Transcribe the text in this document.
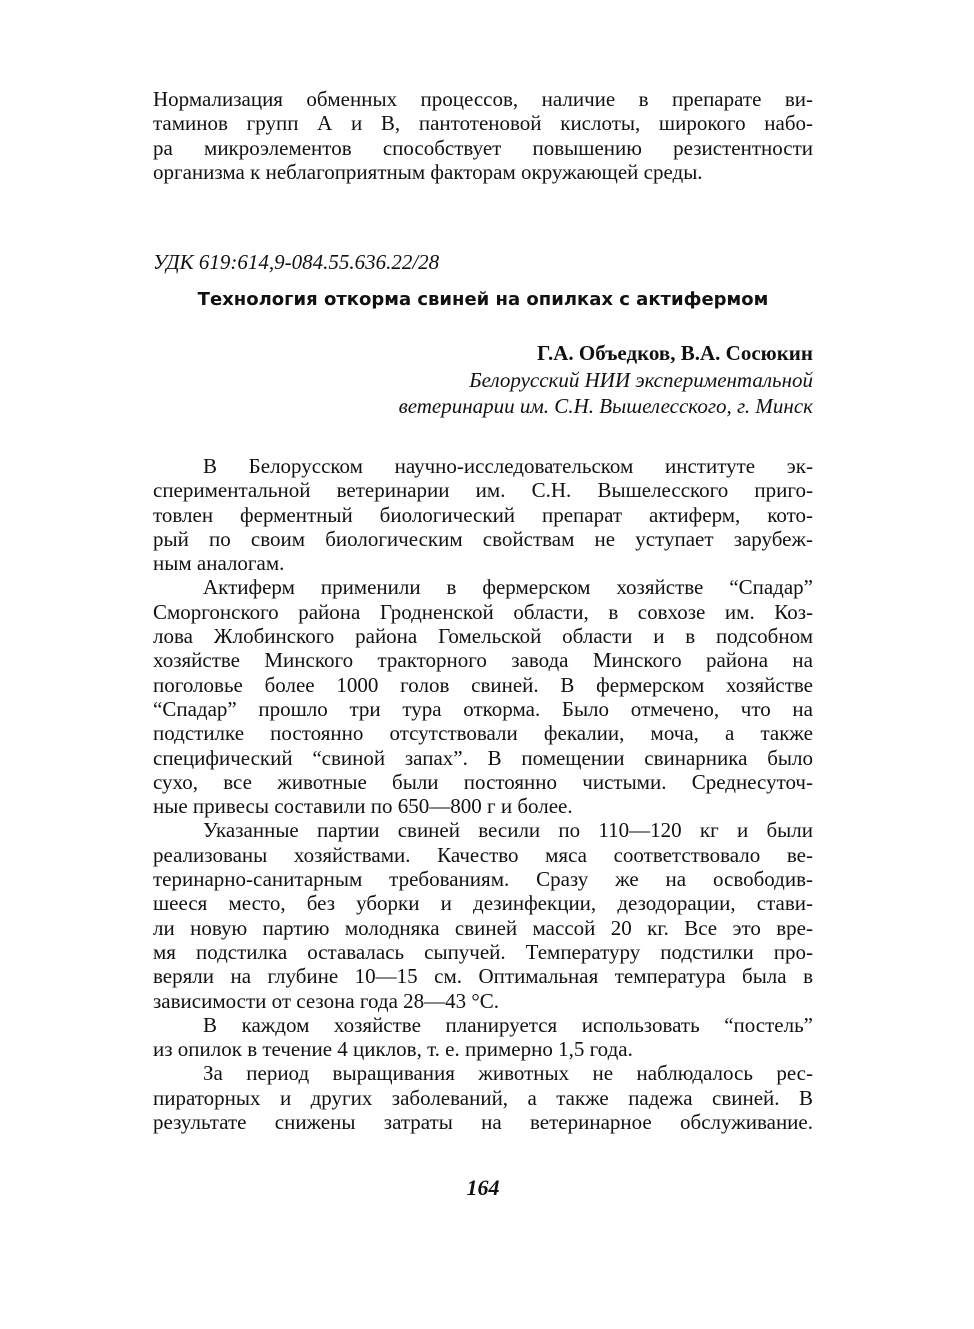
Нормализация обменных процессов, наличие в препарате ви-
таминов групп А и В, пантотеновой кислоты, широкого набо-
ра микроэлементов способствует повышению резистентности
организма к неблагоприятным факторам окружающей среды.
УДК 619:614,9-084.55.636.22/28
Технология откорма свиней на опилках с актифермом
Г.А. Объедков, В.А. Сосюкин
Белорусский НИИ экспериментальной
ветеринарии им. С.Н. Вышелесского, г. Минск
В Белорусском научно-исследовательском институте эк-
спериментальной ветеринарии им. С.Н. Вышелесского приго-
товлен ферментный биологический препарат актиферм, кото-
рый по своим биологическим свойствам не уступает зарубеж-
ным аналогам.
Актиферм применили в фермерском хозяйстве “Спадар”
Сморгонского района Гродненской области, в совхозе им. Коз-
лова Жлобинского района Гомельской области и в подсобном
хозяйстве Минского тракторного завода Минского района на
поголовье более 1000 голов свиней. В фермерском хозяйстве
“Спадар” прошло три тура откорма. Было отмечено, что на
подстилке постоянно отсутствовали фекалии, моча, а также
специфический “свиной запах”. В помещении свинарника было
сухо, все животные были постоянно чистыми. Среднесуточ-
ные привесы составили по 650—800 г и более.
Указанные партии свиней весили по 110—120 кг и были
реализованы хозяйствами. Качество мяса соответствовало ве-
теринарно-санитарным требованиям. Сразу же на освободив-
шееся место, без уборки и дезинфекции, дезодорации, стави-
ли новую партию молодняка свиней массой 20 кг. Все это вре-
мя подстилка оставалась сыпучей. Температуру подстилки про-
веряли на глубине 10—15 см. Оптимальная температура была в
зависимости от сезона года 28—43 °С.
В каждом хозяйстве планируется использовать “постель”
из опилок в течение 4 циклов, т. е. примерно 1,5 года.
За период выращивания животных не наблюдалось рес-
пираторных и других заболеваний, а также падежа свиней. В
результате снижены затраты на ветеринарное обслуживание.
164
